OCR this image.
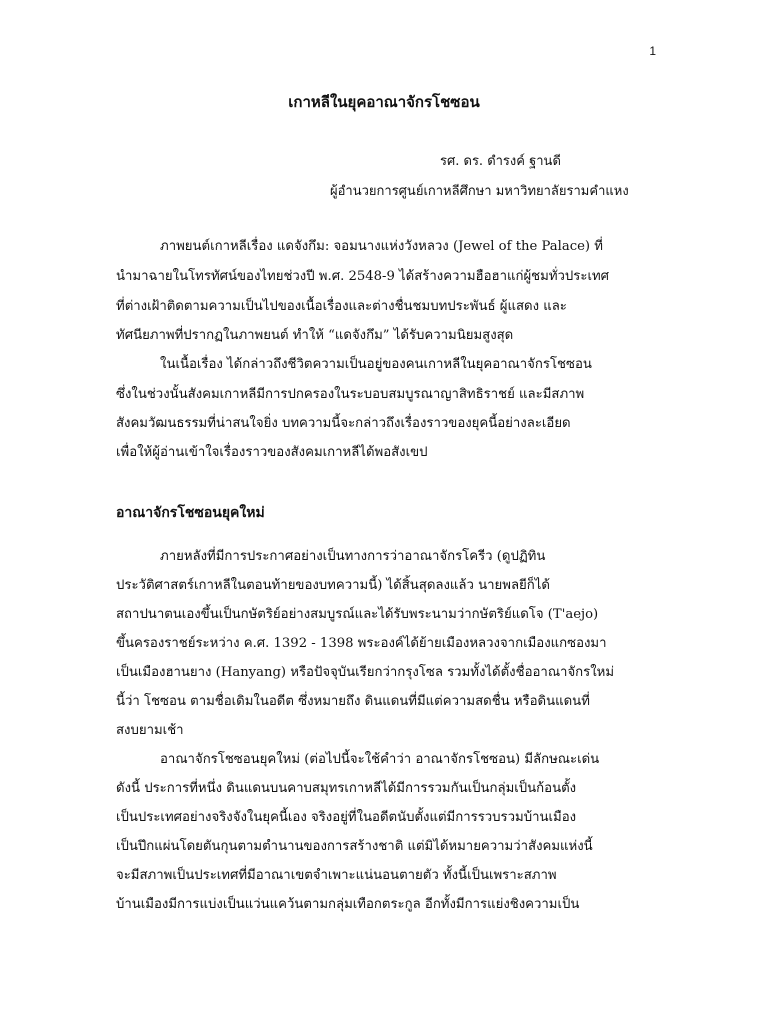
1
เกาหลีในยุคอาณาจักรโชซอน
รศ. ดร. ดำรงค์ ฐานดี
ผู้อำนวยการศูนย์เกาหลีศึกษา มหาวิทยาลัยรามคำแหง
ภาพยนต์เกาหลีเรื่อง แดจังกึม: จอมนางแห่งวังหลวง (Jewel of the Palace) ที่
นำมาฉายในโทรทัศน์ของไทยช่วงปี พ.ศ. 2548-9 ได้สร้างความฮือฮาแก่ผู้ชมทั่วประเทศ
ที่ต่างเฝ้าติดตามความเป็นไปของเนื้อเรื่องและต่างชื่นชมบทประพันธ์ ผู้แสดง และ
ทัศนียภาพที่ปรากฏในภาพยนต์ ทำให้ “แดจังกึม” ได้รับความนิยมสูงสุด
ในเนื้อเรื่อง ได้กล่าวถึงชีวิตความเป็นอยู่ของคนเกาหลีในยุคอาณาจักรโชซอน
ซึ่งในช่วงนั้นสังคมเกาหลีมีการปกครองในระบอบสมบูรณาญาสิทธิราชย์ และมีสภาพ
สังคมวัฒนธรรมที่น่าสนใจยิ่ง บทความนี้จะกล่าวถึงเรื่องราวของยุคนี้อย่างละเอียด
เพื่อให้ผู้อ่านเข้าใจเรื่องราวของสังคมเกาหลีได้พอสังเขป
อาณาจักรโชซอนยุคใหม่
ภายหลังที่มีการประกาศอย่างเป็นทางการว่าอาณาจักรโครีว (ดูปฏิทิน
ประวัติศาสตร์เกาหลีในตอนท้ายของบทความนี้) ได้สิ้นสุดลงแล้ว นายพลยีก็ได้
สถาปนาตนเองขึ้นเป็นกษัตริย์อย่างสมบูรณ์และได้รับพระนามว่ากษัตริย์แดโจ (T'aejo)
ขึ้นครองราชย์ระหว่าง ค.ศ. 1392 - 1398 พระองค์ได้ย้ายเมืองหลวงจากเมืองแกซองมา
เป็นเมืองฮานยาง (Hanyang) หรือปัจจุบันเรียกว่ากรุงโซล รวมทั้งได้ตั้งชื่ออาณาจักรใหม่
นี้ว่า โชซอน ตามชื่อเดิมในอดีต ซึ่งหมายถึง ดินแดนที่มีแต่ความสดชื่น หรือดินแดนที่
สงบยามเช้า
อาณาจักรโชซอนยุคใหม่ (ต่อไปนี้จะใช้คำว่า อาณาจักรโชซอน) มีลักษณะเด่น
ดังนี้ ประการที่หนึ่ง ดินแดนบนคาบสมุทรเกาหลีได้มีการรวมกันเป็นกลุ่มเป็นก้อนตั้ง
เป็นประเทศอย่างจริงจังในยุคนี้เอง จริงอยู่ที่ในอดีตนับตั้งแต่มีการรวบรวมบ้านเมือง
เป็นปึกแผ่นโดยตันกุนตามตำนานของการสร้างชาติ แต่มิได้หมายความว่าสังคมแห่งนี้
จะมีสภาพเป็นประเทศที่มีอาณาเขตจำเพาะแน่นอนตายตัว ทั้งนี้เป็นเพราะสภาพ
บ้านเมืองมีการแบ่งเป็นแว่นแคว้นตามกลุ่มเทือกตระกูล อีกทั้งมีการแย่งชิงความเป็น
